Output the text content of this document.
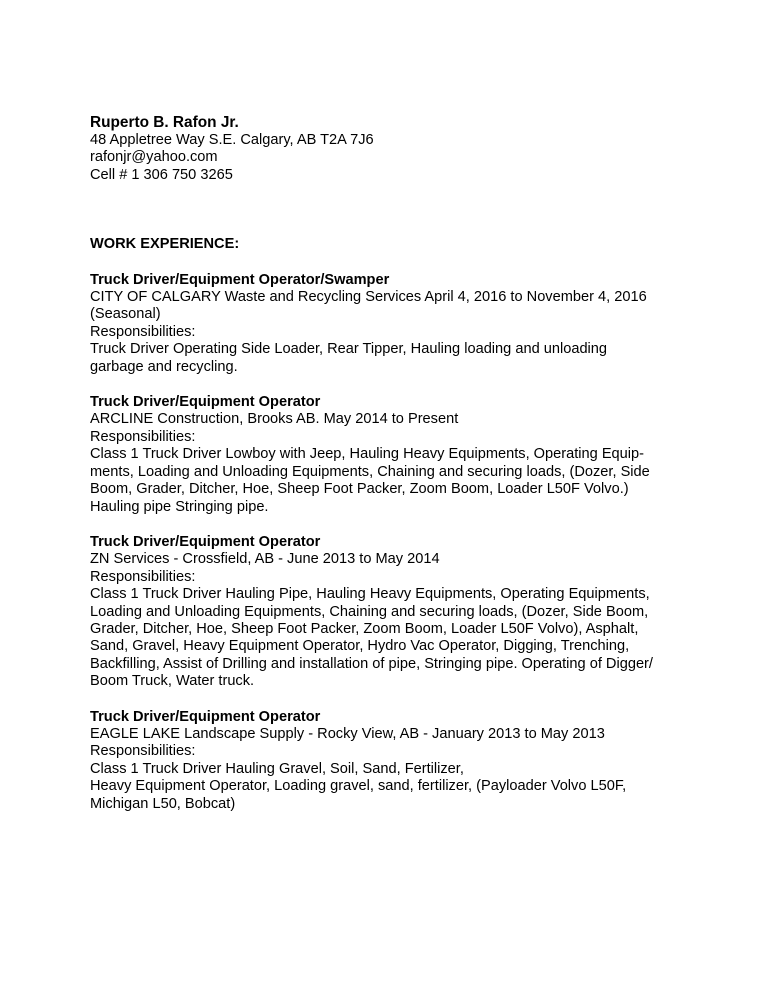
Ruperto B. Rafon Jr.
48 Appletree Way S.E. Calgary, AB T2A 7J6
rafonjr@yahoo.com
Cell # 1 306 750 3265
WORK EXPERIENCE:
Truck Driver/Equipment Operator/Swamper
CITY OF CALGARY Waste and Recycling Services April 4, 2016 to November 4, 2016
(Seasonal)
Responsibilities:
Truck Driver Operating Side Loader, Rear Tipper, Hauling loading and unloading
garbage and recycling.
Truck Driver/Equipment Operator
ARCLINE Construction, Brooks AB. May 2014 to Present
Responsibilities:
Class 1 Truck Driver Lowboy with Jeep, Hauling Heavy Equipments, Operating Equip-
ments, Loading and Unloading Equipments, Chaining and securing loads, (Dozer, Side
Boom, Grader, Ditcher, Hoe, Sheep Foot Packer, Zoom Boom, Loader L50F Volvo.)
Hauling pipe Stringing pipe.
Truck Driver/Equipment Operator
ZN Services - Crossfield, AB - June 2013 to May 2014
Responsibilities:
Class 1 Truck Driver Hauling Pipe, Hauling Heavy Equipments, Operating Equipments,
Loading and Unloading Equipments, Chaining and securing loads, (Dozer, Side Boom,
Grader, Ditcher, Hoe, Sheep Foot Packer, Zoom Boom, Loader L50F Volvo), Asphalt,
Sand, Gravel, Heavy Equipment Operator, Hydro Vac Operator, Digging, Trenching,
Backfilling, Assist of Drilling and installation of pipe, Stringing pipe. Operating of Digger/
Boom Truck, Water truck.
Truck Driver/Equipment Operator
EAGLE LAKE Landscape Supply - Rocky View, AB - January 2013 to May 2013
Responsibilities:
Class 1 Truck Driver Hauling Gravel, Soil, Sand, Fertilizer,
Heavy Equipment Operator, Loading gravel, sand, fertilizer, (Payloader Volvo L50F,
Michigan L50, Bobcat)
